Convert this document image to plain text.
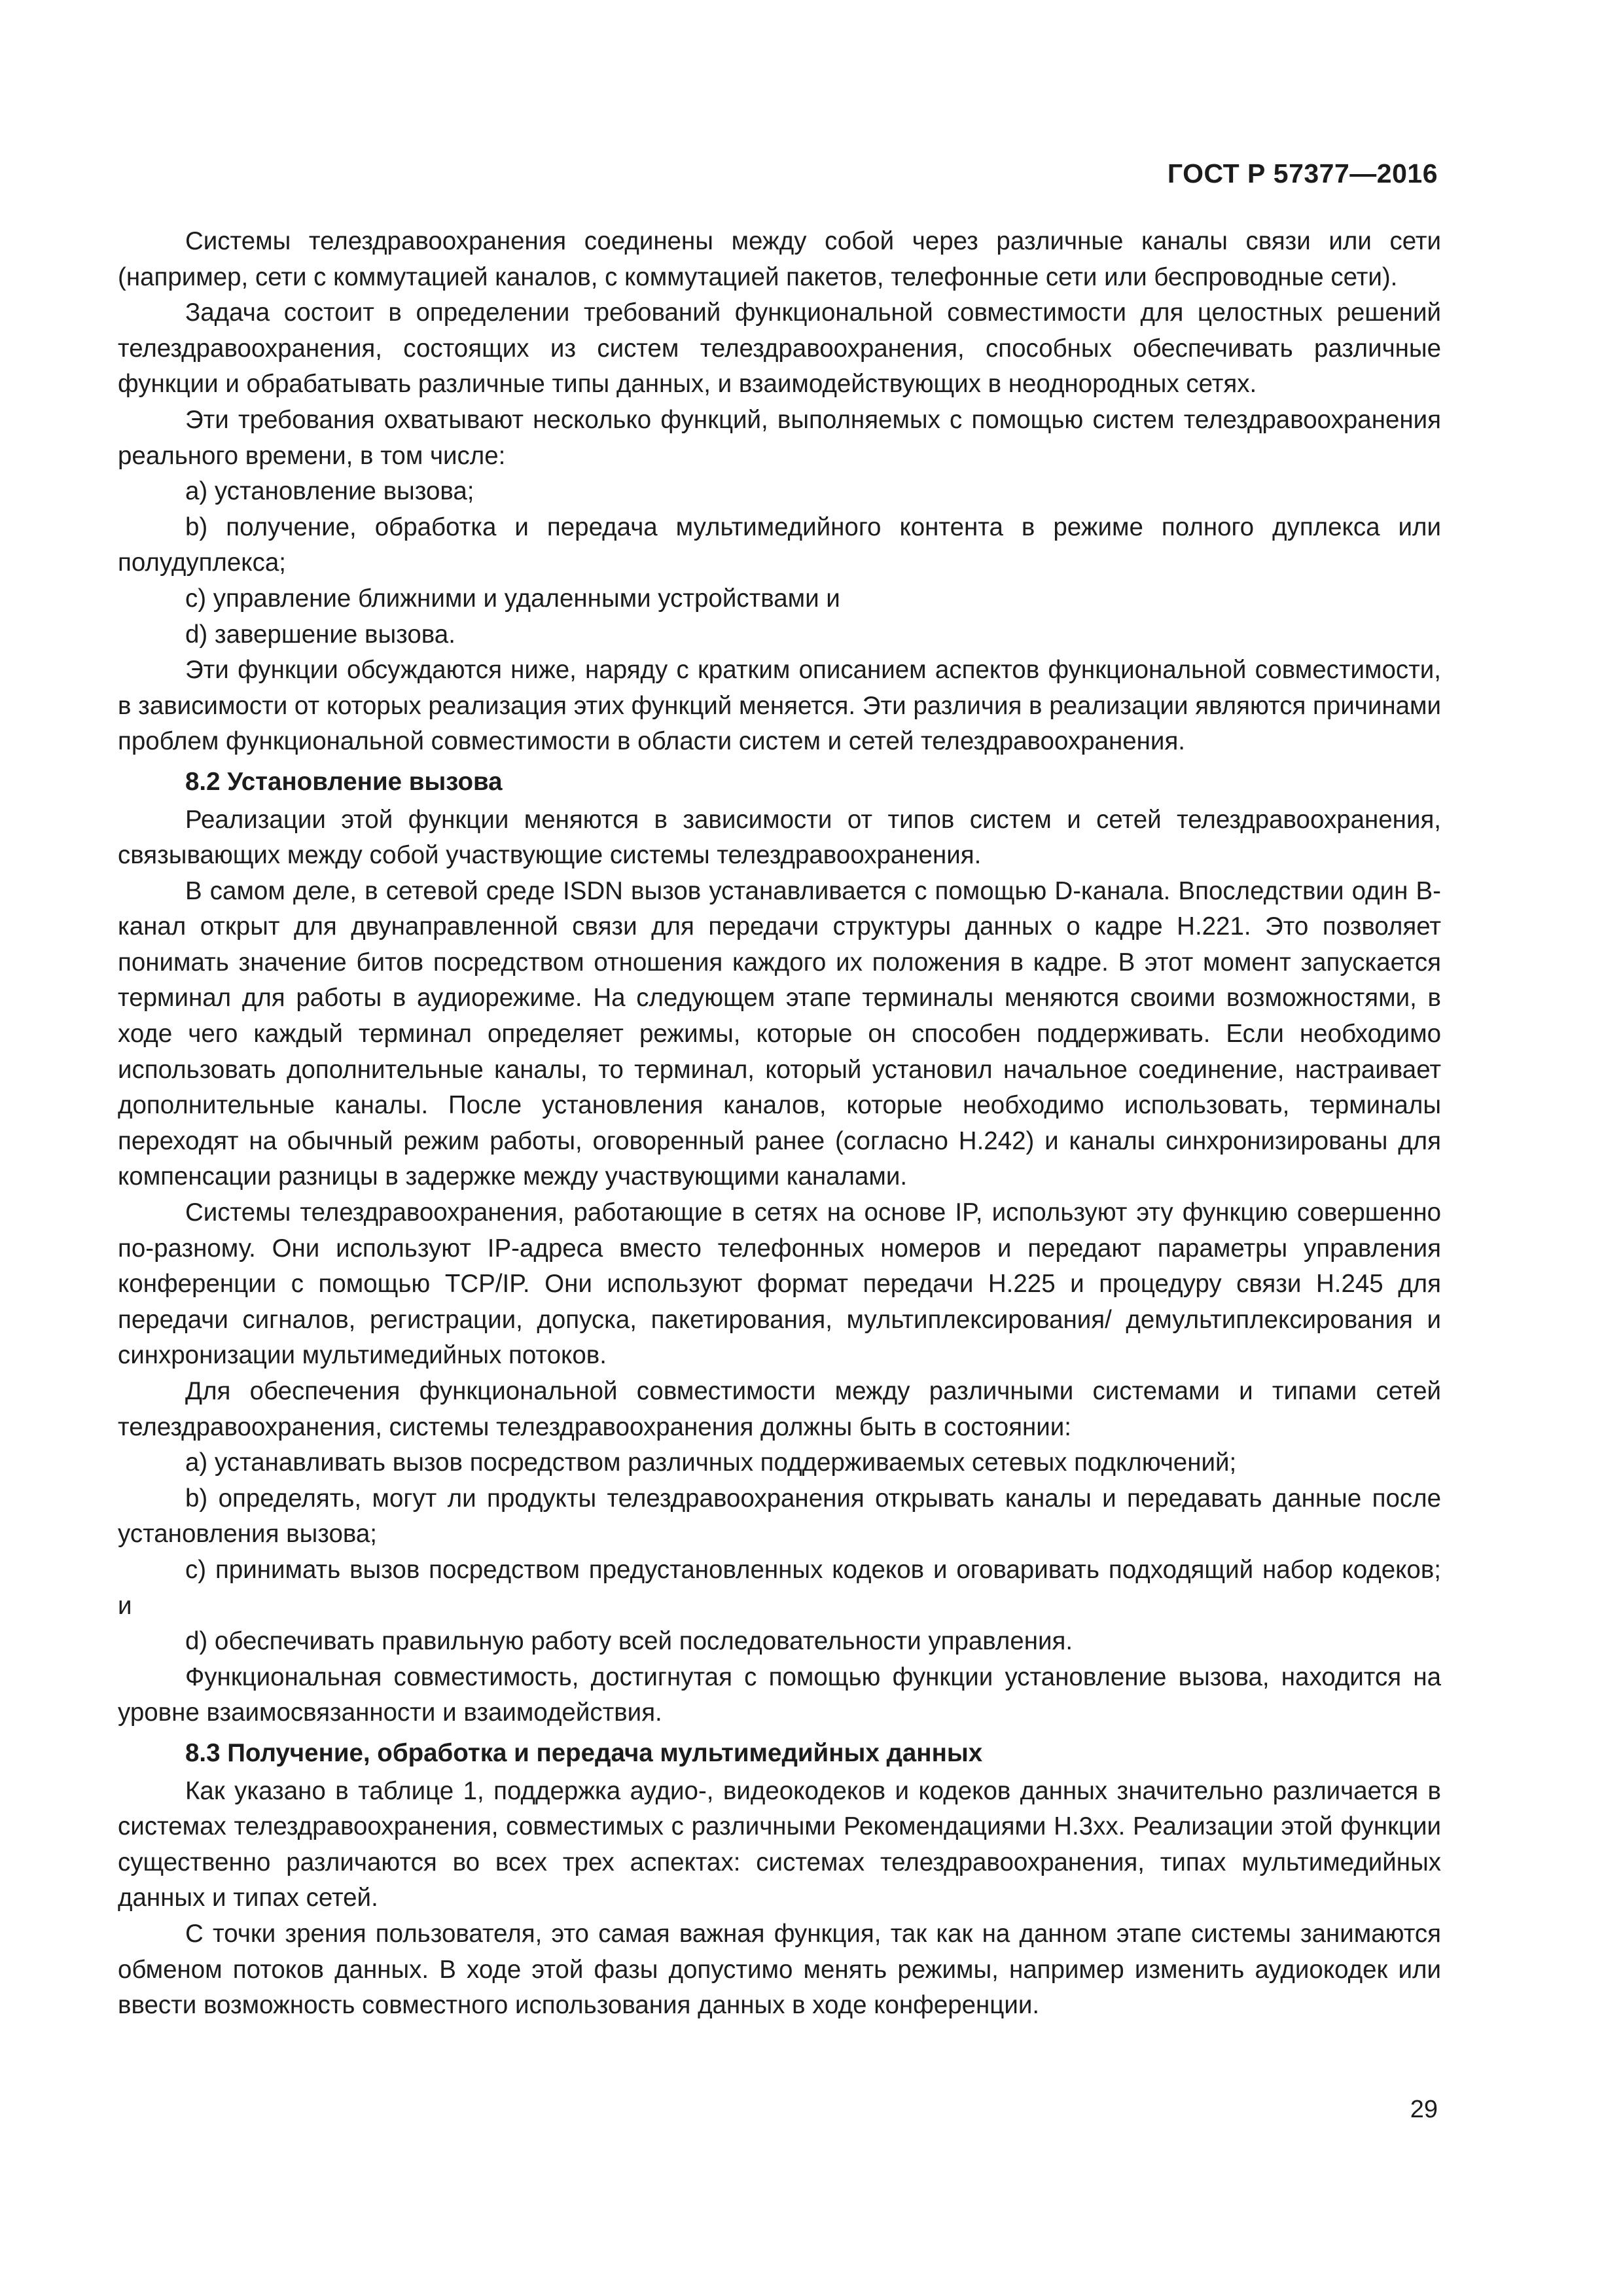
ГОСТ Р 57377—2016

Системы телездравоохранения соединены между собой через различные каналы связи или сети (например, сети с коммутацией каналов, с коммутацией пакетов, телефонные сети или беспроводные сети).

Задача состоит в определении требований функциональной совместимости для целостных решений телездравоохранения, состоящих из систем телездравоохранения, способных обеспечивать различные функции и обрабатывать различные типы данных, и взаимодействующих в неоднородных сетях.

Эти требования охватывают несколько функций, выполняемых с помощью систем телездравоохранения реального времени, в том числе:

a) установление вызова;

b) получение, обработка и передача мультимедийного контента в режиме полного дуплекса или полудуплекса;

c) управление ближними и удаленными устройствами и

d) завершение вызова.

Эти функции обсуждаются ниже, наряду с кратким описанием аспектов функциональной совместимости, в зависимости от которых реализация этих функций меняется. Эти различия в реализации являются причинами проблем функциональной совместимости в области систем и сетей телездравоохранения.

8.2 Установление вызова

Реализации этой функции меняются в зависимости от типов систем и сетей телездравоохранения, связывающих между собой участвующие системы телездравоохранения.

В самом деле, в сетевой среде ISDN вызов устанавливается с помощью D-канала. Впоследствии один B-канал открыт для двунаправленной связи для передачи структуры данных о кадре H.221. Это позволяет понимать значение битов посредством отношения каждого их положения в кадре. В этот момент запускается терминал для работы в аудиорежиме. На следующем этапе терминалы меняются своими возможностями, в ходе чего каждый терминал определяет режимы, которые он способен поддерживать. Если необходимо использовать дополнительные каналы, то терминал, который установил начальное соединение, настраивает дополнительные каналы. После установления каналов, которые необходимо использовать, терминалы переходят на обычный режим работы, оговоренный ранее (согласно H.242) и каналы синхронизированы для компенсации разницы в задержке между участвующими каналами.

Системы телездравоохранения, работающие в сетях на основе IP, используют эту функцию совершенно по-разному. Они используют IP-адреса вместо телефонных номеров и передают параметры управления конференции с помощью TCP/IP. Они используют формат передачи H.225 и процедуру связи H.245 для передачи сигналов, регистрации, допуска, пакетирования, мультиплексирования/ демультиплексирования и синхронизации мультимедийных потоков.

Для обеспечения функциональной совместимости между различными системами и типами сетей телездравоохранения, системы телездравоохранения должны быть в состоянии:

a) устанавливать вызов посредством различных поддерживаемых сетевых подключений;

b) определять, могут ли продукты телездравоохранения открывать каналы и передавать данные после установления вызова;

c) принимать вызов посредством предустановленных кодеков и оговаривать подходящий набор кодеков; и

d) обеспечивать правильную работу всей последовательности управления.

Функциональная совместимость, достигнутая с помощью функции установление вызова, находится на уровне взаимосвязанности и взаимодействия.

8.3 Получение, обработка и передача мультимедийных данных

Как указано в таблице 1, поддержка аудио-, видеокодеков и кодеков данных значительно различается в системах телездравоохранения, совместимых с различными Рекомендациями H.3xx. Реализации этой функции существенно различаются во всех трех аспектах: системах телездравоохранения, типах мультимедийных данных и типах сетей.

С точки зрения пользователя, это самая важная функция, так как на данном этапе системы занимаются обменом потоков данных. В ходе этой фазы допустимо менять режимы, например изменить аудиокодек или ввести возможность совместного использования данных в ходе конференции.

29
